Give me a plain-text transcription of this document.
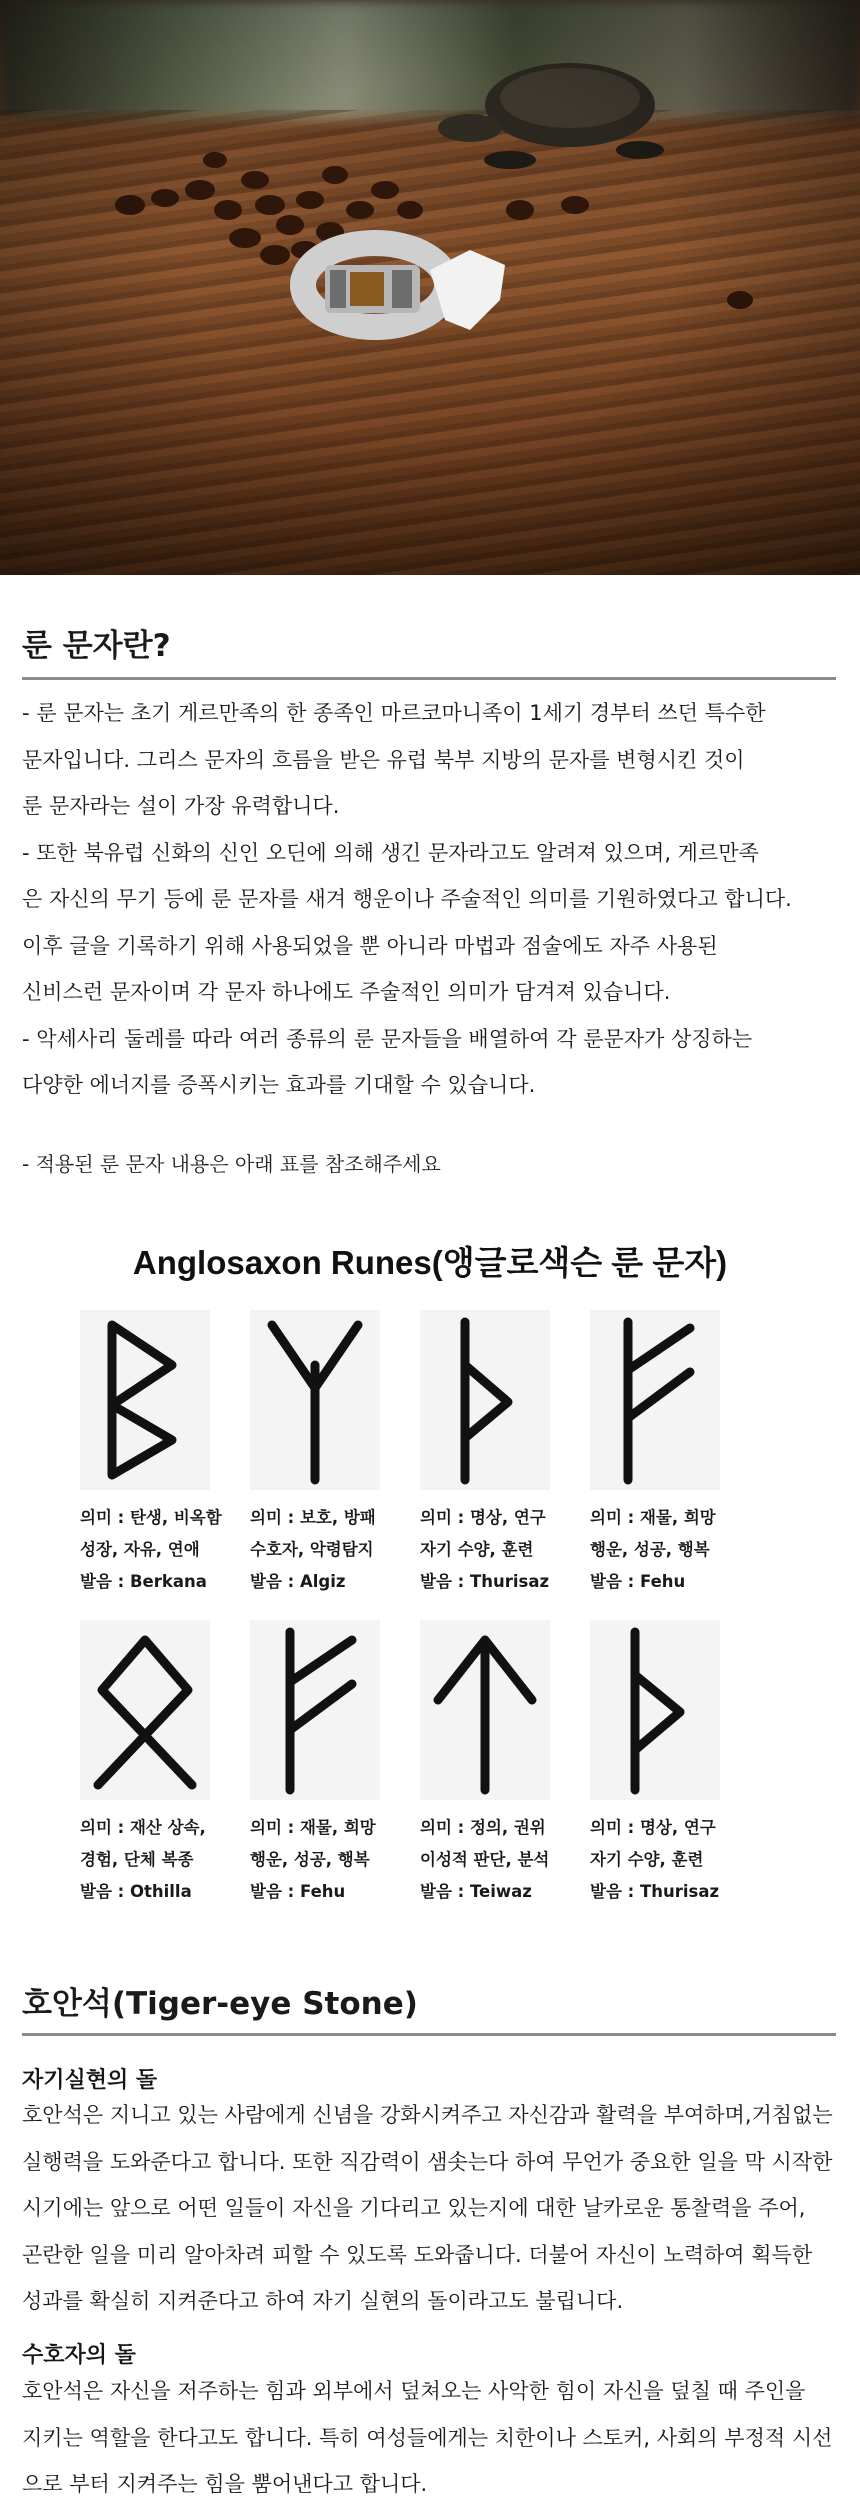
룬 문자란?

- 룬 문자는 초기 게르만족의 한 종족인 마르코마니족이 1세기 경부터 쓰던 특수한

문자입니다. 그리스 문자의 흐름을 받은 유럽 북부 지방의 문자를 변형시킨 것이

룬 문자라는 설이 가장 유력합니다.

- 또한 북유럽 신화의 신인 오딘에 의해 생긴 문자라고도 알려져 있으며, 게르만족

은 자신의 무기 등에 룬 문자를 새겨 행운이나 주술적인 의미를 기원하였다고 합니다.

이후 글을 기록하기 위해 사용되었을 뿐 아니라 마법과 점술에도 자주 사용된

신비스런 문자이며 각 문자 하나에도 주술적인 의미가 담겨져 있습니다.

- 악세사리 둘레를 따라 여러 종류의 룬 문자들을 배열하여 각 룬문자가 상징하는

다양한 에너지를 증폭시키는 효과를 기대할 수 있습니다.

- 적용된 룬 문자 내용은 아래 표를 참조해주세요
Anglosaxon Runes(앵글로색슨 룬 문자)
의미 : 탄생, 비옥함
성장, 자유, 연애
발음 : Berkana
의미 : 보호, 방패
수호자, 악령탐지
발음 : Algiz
의미 : 명상, 연구
자기 수양, 훈련
발음 : Thurisaz
의미 : 재물, 희망
행운, 성공, 행복
발음 : Fehu
의미 : 재산 상속,
경험, 단체 복종
발음 : Othilla
의미 : 재물, 희망
행운, 성공, 행복
발음 : Fehu
의미 : 정의, 권위
이성적 판단, 분석
발음 : Teiwaz
의미 : 명상, 연구
자기 수양, 훈련
발음 : Thurisaz
호안석(Tiger-eye Stone)
자기실현의 돌

호안석은 지니고 있는 사람에게 신념을 강화시켜주고 자신감과 활력을 부여하며,거침없는

실행력을 도와준다고 합니다. 또한 직감력이 샘솟는다 하여 무언가 중요한 일을 막 시작한

시기에는 앞으로 어떤 일들이 자신을 기다리고 있는지에 대한 날카로운 통찰력을 주어,

곤란한 일을 미리 알아차려 피할 수 있도록 도와줍니다. 더불어 자신이 노력하여 획득한

성과를 확실히 지켜준다고 하여 자기 실현의 돌이라고도 불립니다.

수호자의 돌

호안석은 자신을 저주하는 힘과 외부에서 덮쳐오는 사악한 힘이 자신을 덮칠 때 주인을

지키는 역할을 한다고도 합니다. 특히 여성들에게는 치한이나 스토커, 사회의 부정적 시선

으로 부터 지켜주는 힘을 뿜어낸다고 합니다.
